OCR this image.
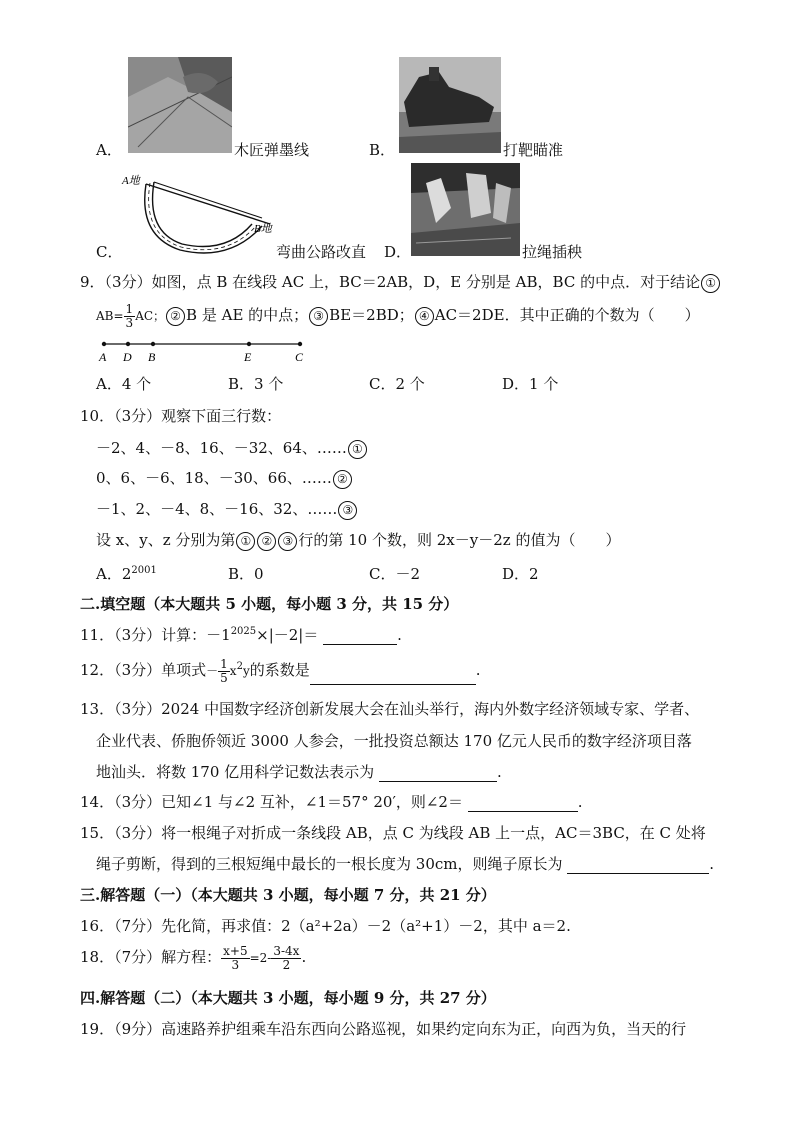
A．	木匠弹墨线	B．	打靶瞄准
A地
B地
C．	弯曲公路改直 D．	拉绳插秧
9．（3分）如图，点 B 在线段 AC 上，BC＝2AB，D，E 分别是 AB，BC 的中点．对于结论 ①
$AB= \frac{1}{3}$ AC； ② B 是 AE 的中点； ③ BE＝2BD； ④ AC＝2DE．其中正确的个数为（　　）
A D B	E	C
A．4 个	B．3 个	C．2 个	D．1 个
10．（3分）观察下面三行数：
－2、4、－8、16、－32、64、…… ①
0、6、－6、18、－30、66、…… ②
－1、2、－4、8、－16、32、…… ③
设 x、y、z 分别为第 ① ② ③ 行的第 10 个数，则 2x－y－2z 的值为（　　）
A．$2^{2001}$	B．0	C．－2	D．2
二.填空题（本大题共 5 小题，每小题 3 分，共 15 分）
11．（3分）计算：$-1^{2025}\times|-2|=$	.
12．（3分）单项式－ $\frac{1}{5} x^2y$的系数是	.
13．（3分）2024 中国数字经济创新发展大会在汕头举行，海内外数字经济领域专家、学者、
企业代表、侨胞侨领近 3000 人参会，一批投资总额达 170 亿元人民币的数字经济项目落
地汕头．将数 170 亿用科学记数法表示为	.
14．（3分）已知∠1 与∠2 互补，∠1＝57° 20′，则∠2＝	.
15．（3分）将一根绳子对折成一条线段 AB，点 C 为线段 AB 上一点，AC＝3BC，在 C 处将
绳子剪断，得到的三根短绳中最长的一根长度为 30cm，则绳子原长为	.
三.解答题（一）（本大题共 3 小题，每小题 7 分，共 21 分）
16．（7分）先化简，再求值：2（a²+2a）－2（a²+1）－2，其中 a＝2.
18．（7分）解方程： $\frac{x+5}{3} =2- \frac{3-4x}{2}$ .
四.解答题（二）（本大题共 3 小题，每小题 9 分，共 27 分）
19．（9分）高速路养护组乘车沿东西向公路巡视，如果约定向东为正，向西为负，当天的行
